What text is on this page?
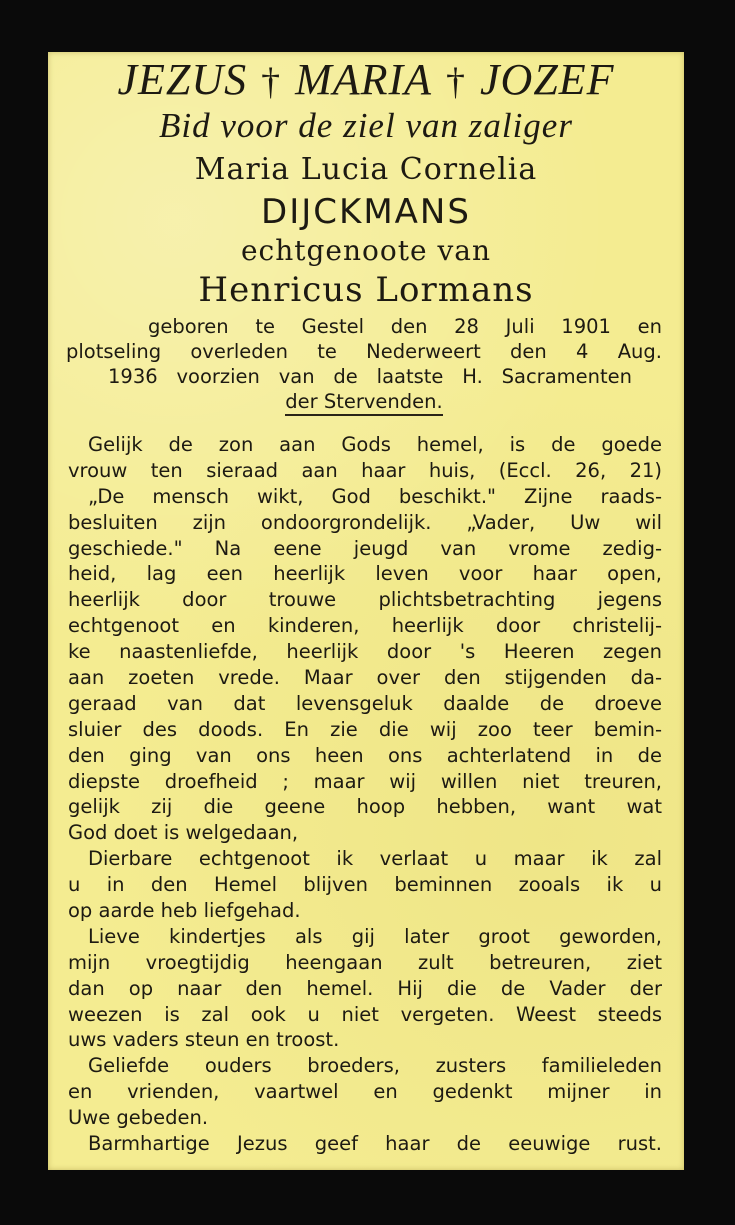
JEZUS † MARIA † JOZEF
Bid voor de ziel van zaliger
Maria Lucia Cornelia
DIJCKMANS
echtgenoote van
Henricus Lormans
geboren te Gestel den 28 Juli 1901 en
plotseling overleden te Nederweert den 4 Aug.
1936 voorzien van de laatste H. Sacramenten
der Stervenden.
Gelijk de zon aan Gods hemel, is de goede
vrouw ten sieraad aan haar huis, (Eccl. 26, 21)
„De mensch wikt, God beschikt." Zijne raads-
besluiten zijn ondoorgrondelijk. „Vader, Uw wil
geschiede." Na eene jeugd van vrome zedig-
heid, lag een heerlijk leven voor haar open,
heerlijk door trouwe plichtsbetrachting jegens
echtgenoot en kinderen, heerlijk door christelij-
ke naastenliefde, heerlijk door 's Heeren zegen
aan zoeten vrede. Maar over den stijgenden da-
geraad van dat levensgeluk daalde de droeve
sluier des doods. En zie die wij zoo teer bemin-
den ging van ons heen ons achterlatend in de
diepste droefheid ; maar wij willen niet treuren,
gelijk zij die geene hoop hebben, want wat
God doet is welgedaan,
Dierbare echtgenoot ik verlaat u maar ik zal
u in den Hemel blijven beminnen zooals ik u
op aarde heb liefgehad.
Lieve kindertjes als gij later groot geworden,
mijn vroegtijdig heengaan zult betreuren, ziet
dan op naar den hemel. Hij die de Vader der
weezen is zal ook u niet vergeten. Weest steeds
uws vaders steun en troost.
Geliefde ouders broeders, zusters familieleden
en vrienden, vaartwel en gedenkt mijner in
Uwe gebeden.
Barmhartige Jezus geef haar de eeuwige rust.
